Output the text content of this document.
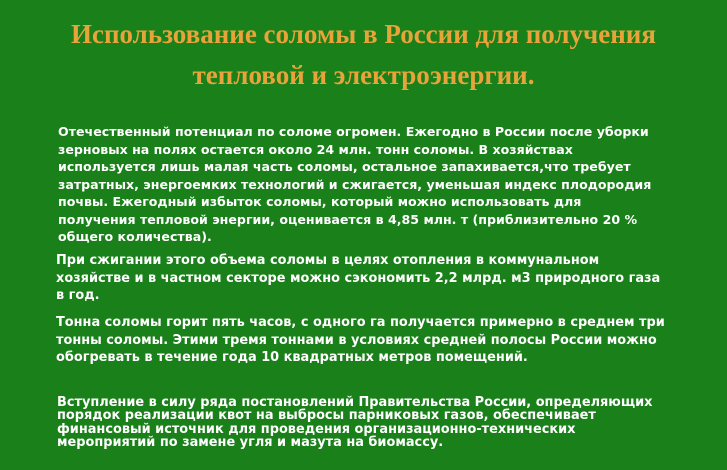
Использование соломы в России для получения
тепловой и электроэнергии.
Отечественный потенциал по соломе огромен. Ежегодно в России после уборки
зерновых на полях остается около 24 млн. тонн соломы. В хозяйствах
используется лишь малая часть соломы, остальное запахивается,что требует
затратных, энергоемких технологий и сжигается, уменьшая индекс плодородия
почвы. Ежегодный избыток соломы, который можно использовать для
получения тепловой энергии, оценивается в 4,85 млн. т (приблизительно 20 %
общего количества).
При сжигании этого объема соломы в целях отопления в коммунальном
хозяйстве и в частном секторе можно сэкономить 2,2 млрд. м3 природного газа
в год.
Тонна соломы горит пять часов, с одного га получается примерно в среднем три
тонны соломы. Этими тремя тоннами в условиях средней полосы России можно
обогревать в течение года 10 квадратных метров помещений.
Вступление в силу ряда постановлений Правительства России, определяющих
порядок реализации квот на выбросы парниковых газов, обеспечивает
финансовый источник для проведения организационно-технических
мероприятий по замене угля и мазута на биомассу.
